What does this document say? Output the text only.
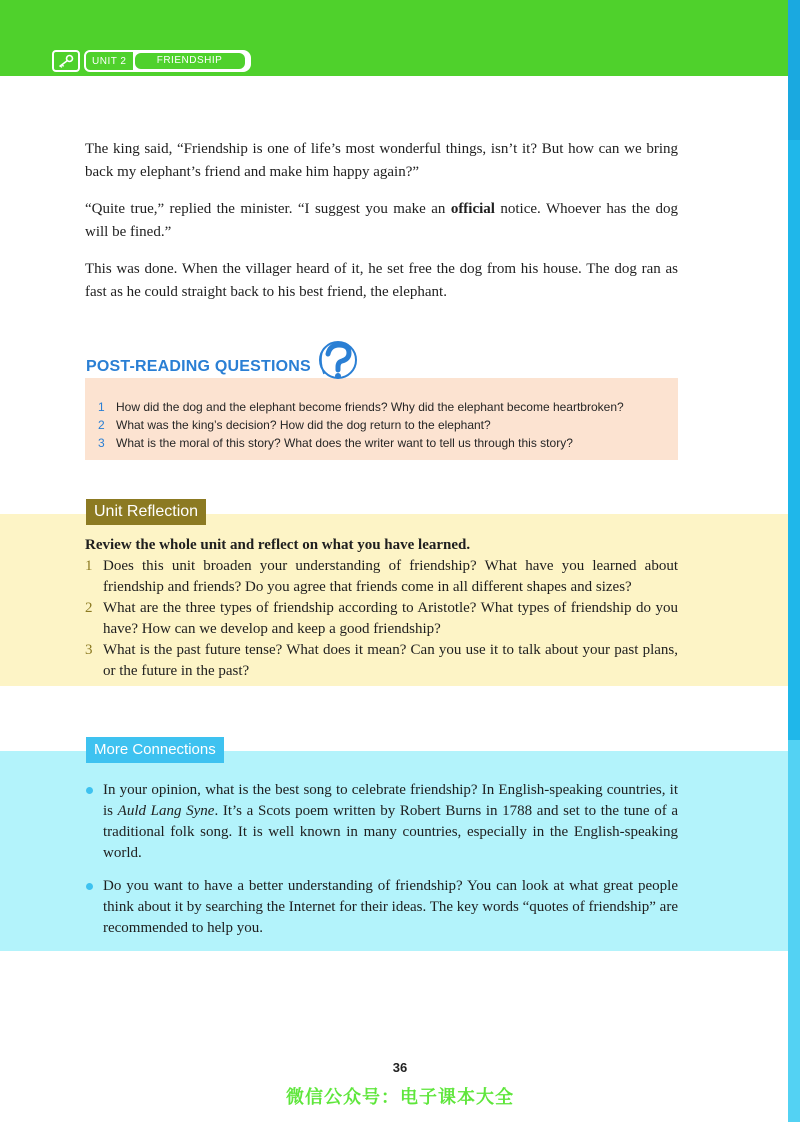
UNIT 2	FRIENDSHIP

The king said, “Friendship is one of life’s most wonderful things, isn’t it? But how can we bring back my elephant’s friend and make him happy again?”

“Quite true,” replied the minister. “I suggest you make an official notice. Whoever has the dog will be fined.”

This was done. When the villager heard of it, he set free the dog from his house. The dog ran as fast as he could straight back to his best friend, the elephant.

POST-READING QUESTIONS
1 How did the dog and the elephant become friends? Why did the elephant become heartbroken?
2 What was the king’s decision? How did the dog return to the elephant?
3 What is the moral of this story? What does the writer want to tell us through this story?
Unit Reflection
Review the whole unit and reflect on what you have learned.
1 Does this unit broaden your understanding of friendship? What have you learned about friendship and friends? Do you agree that friends come in all different shapes and sizes?
2 What are the three types of friendship according to Aristotle? What types of friendship do you have? How can we develop and keep a good friendship?
3 What is the past future tense? What does it mean? Can you use it to talk about your past plans, or the future in the past?
More Connections
In your opinion, what is the best song to celebrate friendship? In English-speaking countries, it is Auld Lang Syne. It’s a Scots poem written by Robert Burns in 1788 and set to the tune of a traditional folk song. It is well known in many countries, especially in the English-speaking world.
Do you want to have a better understanding of friendship? You can look at what great people think about it by searching the Internet for their ideas. The key words “quotes of friendship” are recommended to help you.
36
微信公众号：电子课本大全
